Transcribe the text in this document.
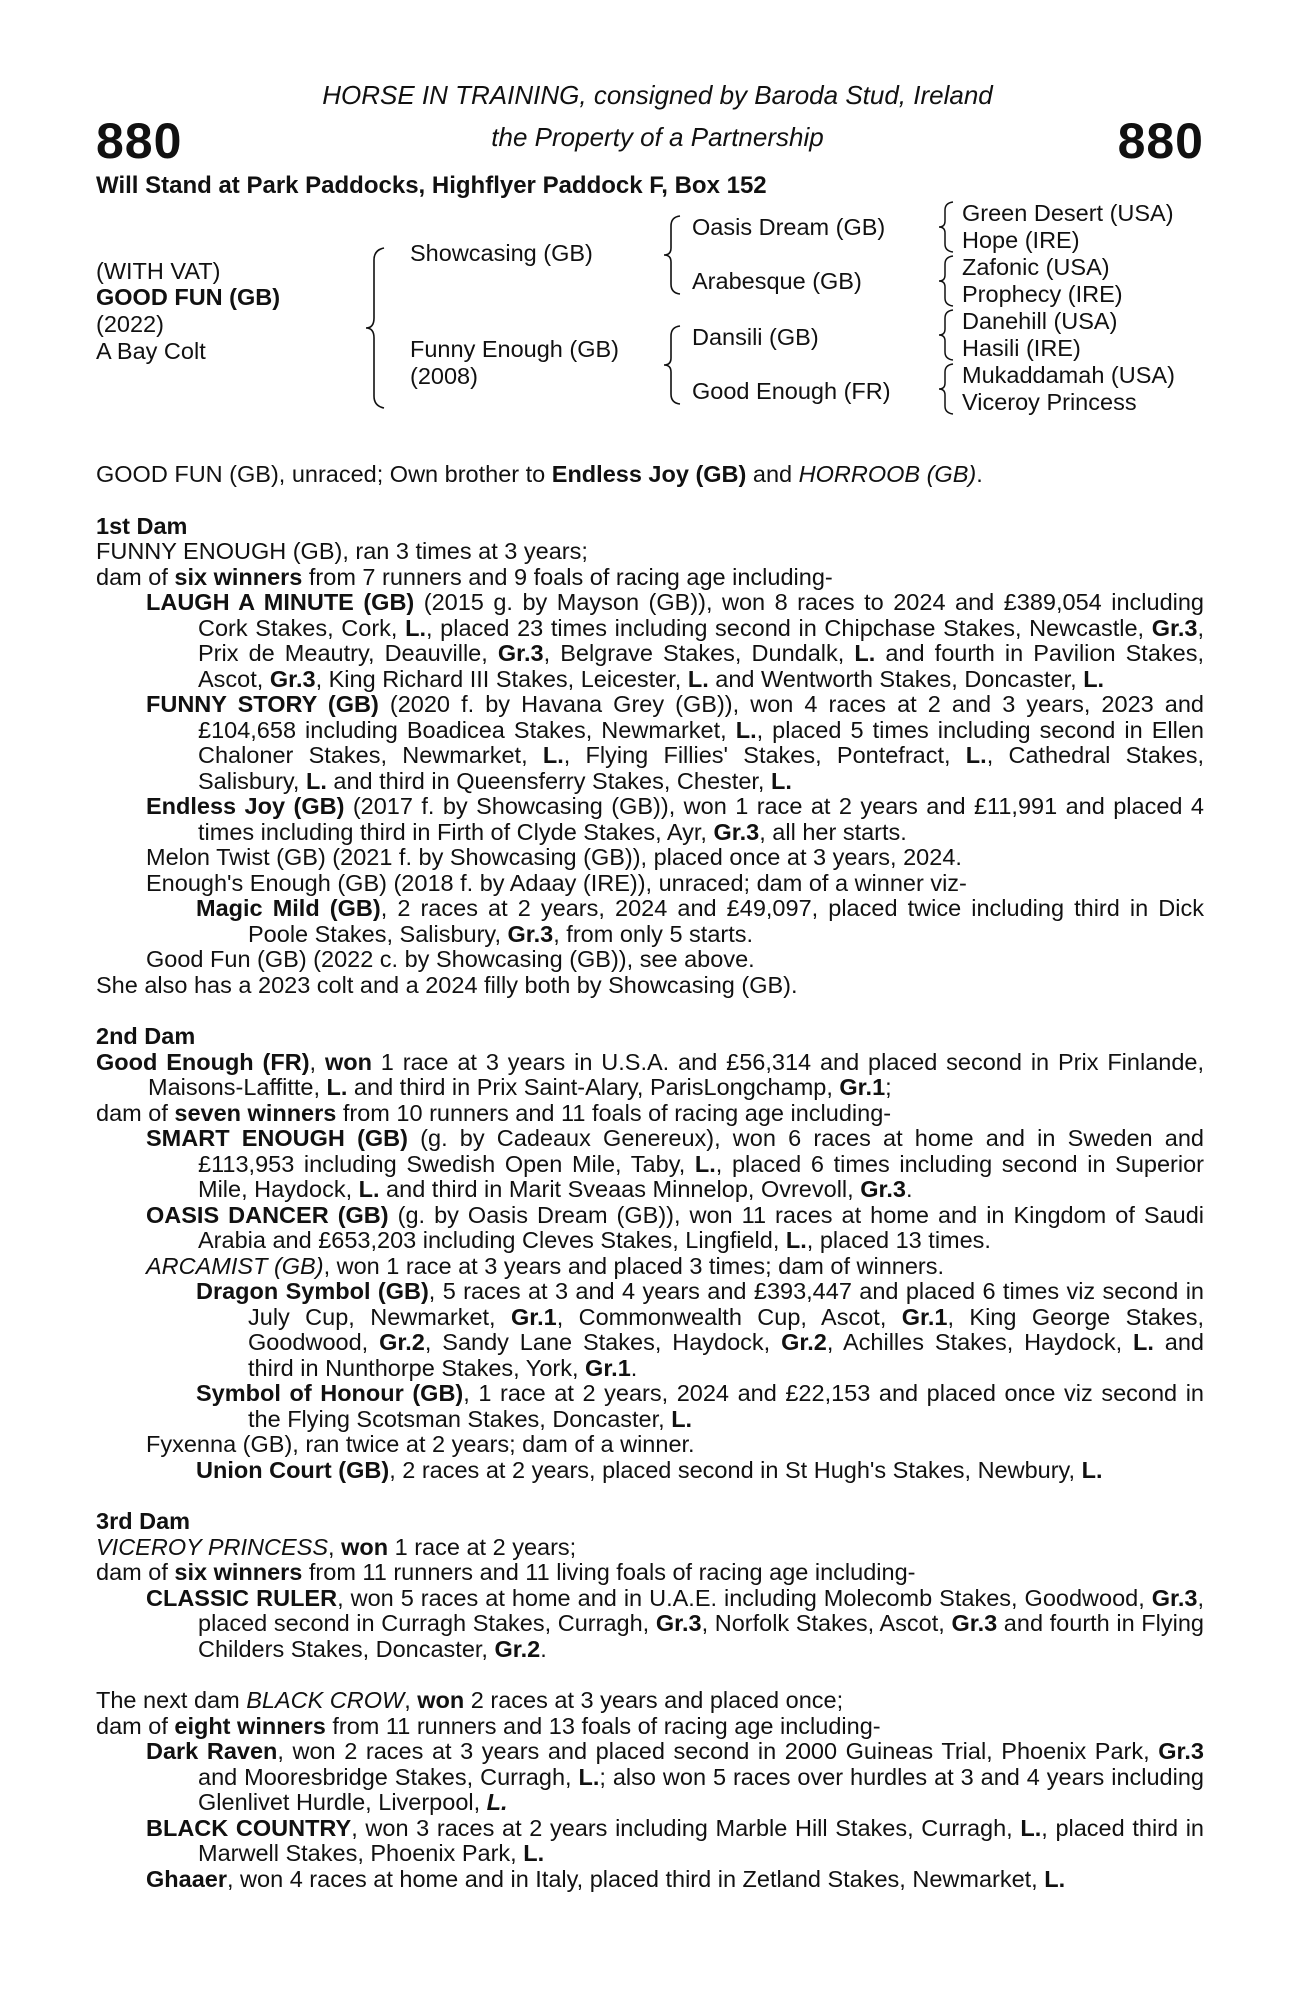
880	880
HORSE IN TRAINING, consigned by Baroda Stud, Ireland
the Property of a Partnership
Will Stand at Park Paddocks, Highflyer Paddock F, Box 152
(WITH VAT)
GOOD FUN (GB)
(2022)
A Bay Colt
Showcasing (GB)
Funny Enough (GB)
(2008)
Oasis Dream (GB)
Arabesque (GB)
Dansili (GB)
Good Enough (FR)
Green Desert (USA)
Hope (IRE)
Zafonic (USA)
Prophecy (IRE)
Danehill (USA)
Hasili (IRE)
Mukaddamah (USA)
Viceroy Princess

GOOD FUN (GB), unraced; Own brother to Endless Joy (GB) and HORROOB (GB).

1st Dam

FUNNY ENOUGH (GB), ran 3 times at 3 years;

dam of six winners from 7 runners and 9 foals of racing age including-

LAUGH A MINUTE (GB) (2015 g. by Mayson (GB)), won 8 races to 2024 and £389,054 including Cork Stakes, Cork, L., placed 23 times including second in Chipchase Stakes, Newcastle, Gr.3, Prix de Meautry, Deauville, Gr.3, Belgrave Stakes, Dundalk, L. and fourth in Pavilion Stakes, Ascot, Gr.3, King Richard III Stakes, Leicester, L. and Wentworth Stakes, Doncaster, L.

FUNNY STORY (GB) (2020 f. by Havana Grey (GB)), won 4 races at 2 and 3 years, 2023 and £104,658 including Boadicea Stakes, Newmarket, L., placed 5 times including second in Ellen Chaloner Stakes, Newmarket, L., Flying Fillies' Stakes, Pontefract, L., Cathedral Stakes, Salisbury, L. and third in Queensferry Stakes, Chester, L.

Endless Joy (GB) (2017 f. by Showcasing (GB)), won 1 race at 2 years and £11,991 and placed 4 times including third in Firth of Clyde Stakes, Ayr, Gr.3, all her starts.

Melon Twist (GB) (2021 f. by Showcasing (GB)), placed once at 3 years, 2024.

Enough's Enough (GB) (2018 f. by Adaay (IRE)), unraced; dam of a winner viz-

Magic Mild (GB), 2 races at 2 years, 2024 and £49,097, placed twice including third in Dick Poole Stakes, Salisbury, Gr.3, from only 5 starts.

Good Fun (GB) (2022 c. by Showcasing (GB)), see above.

She also has a 2023 colt and a 2024 filly both by Showcasing (GB).

2nd Dam

Good Enough (FR), won 1 race at 3 years in U.S.A. and £56,314 and placed second in Prix Finlande, Maisons-Laffitte, L. and third in Prix Saint-Alary, ParisLongchamp, Gr.1;

dam of seven winners from 10 runners and 11 foals of racing age including-

SMART ENOUGH (GB) (g. by Cadeaux Genereux), won 6 races at home and in Sweden and £113,953 including Swedish Open Mile, Taby, L., placed 6 times including second in Superior Mile, Haydock, L. and third in Marit Sveaas Minnelop, Ovrevoll, Gr.3.

OASIS DANCER (GB) (g. by Oasis Dream (GB)), won 11 races at home and in Kingdom of Saudi Arabia and £653,203 including Cleves Stakes, Lingfield, L., placed 13 times.

ARCAMIST (GB), won 1 race at 3 years and placed 3 times; dam of winners.

Dragon Symbol (GB), 5 races at 3 and 4 years and £393,447 and placed 6 times viz second in July Cup, Newmarket, Gr.1, Commonwealth Cup, Ascot, Gr.1, King George Stakes, Goodwood, Gr.2, Sandy Lane Stakes, Haydock, Gr.2, Achilles Stakes, Haydock, L. and third in Nunthorpe Stakes, York, Gr.1.

Symbol of Honour (GB), 1 race at 2 years, 2024 and £22,153 and placed once viz second in the Flying Scotsman Stakes, Doncaster, L.

Fyxenna (GB), ran twice at 2 years; dam of a winner.

Union Court (GB), 2 races at 2 years, placed second in St Hugh's Stakes, Newbury, L.

3rd Dam

VICEROY PRINCESS, won 1 race at 2 years;

dam of six winners from 11 runners and 11 living foals of racing age including-

CLASSIC RULER, won 5 races at home and in U.A.E. including Molecomb Stakes, Goodwood, Gr.3, placed second in Curragh Stakes, Curragh, Gr.3, Norfolk Stakes, Ascot, Gr.3 and fourth in Flying Childers Stakes, Doncaster, Gr.2.

The next dam BLACK CROW, won 2 races at 3 years and placed once;

dam of eight winners from 11 runners and 13 foals of racing age including-

Dark Raven, won 2 races at 3 years and placed second in 2000 Guineas Trial, Phoenix Park, Gr.3 and Mooresbridge Stakes, Curragh, L.; also won 5 races over hurdles at 3 and 4 years including Glenlivet Hurdle, Liverpool, L.

BLACK COUNTRY, won 3 races at 2 years including Marble Hill Stakes, Curragh, L., placed third in Marwell Stakes, Phoenix Park, L.

Ghaaer, won 4 races at home and in Italy, placed third in Zetland Stakes, Newmarket, L.
